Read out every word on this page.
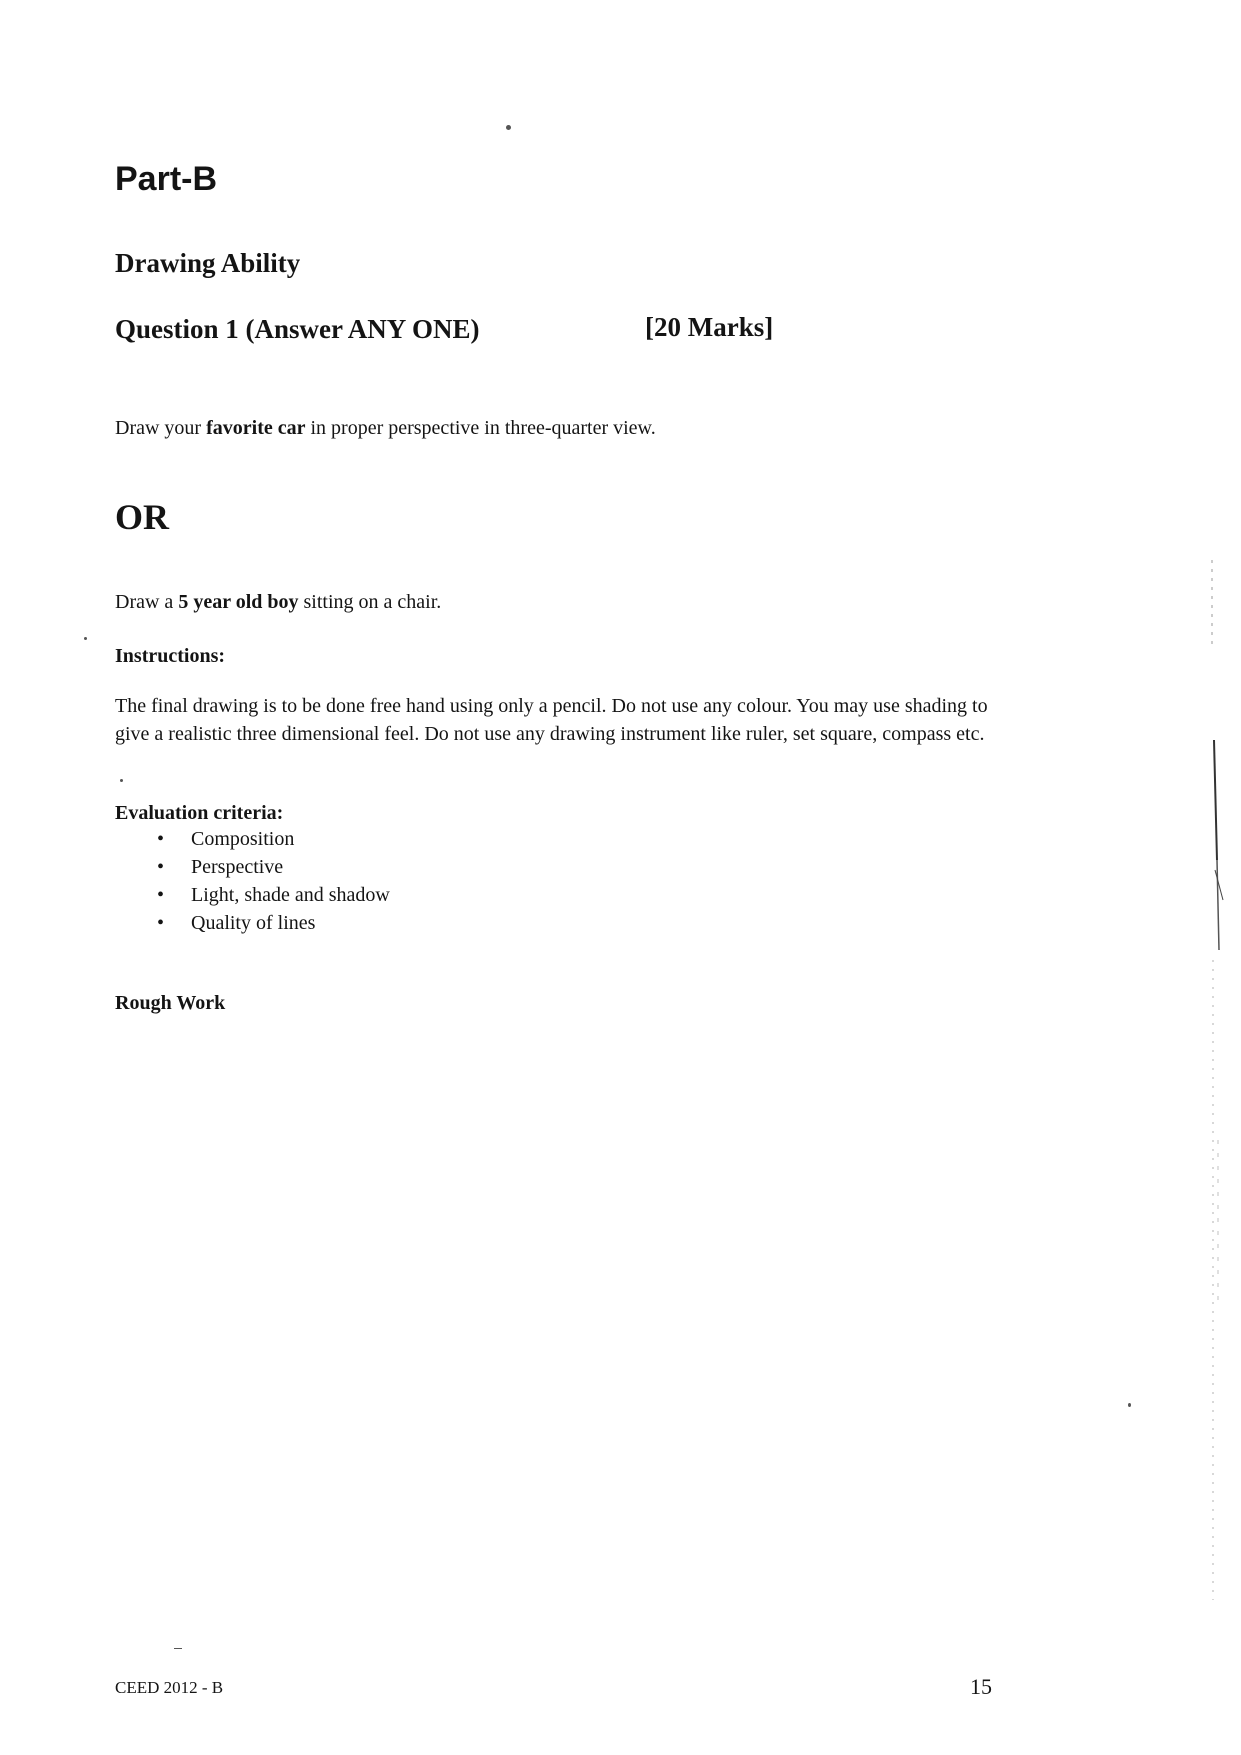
Part-B
Drawing Ability
Question 1 (Answer ANY ONE)	[20 Marks]
Draw your favorite car in proper perspective in three-quarter view.
OR
Draw a 5 year old boy sitting on a chair.
Instructions:
The final drawing is to be done free hand using only a pencil. Do not use any colour. You may use shading to give a realistic three dimensional feel. Do not use any drawing instrument like ruler, set square, compass etc.
Evaluation criteria:
• Composition
• Perspective
• Light, shade and shadow
• Quality of lines
Rough Work
CEED 2012 - B	15
